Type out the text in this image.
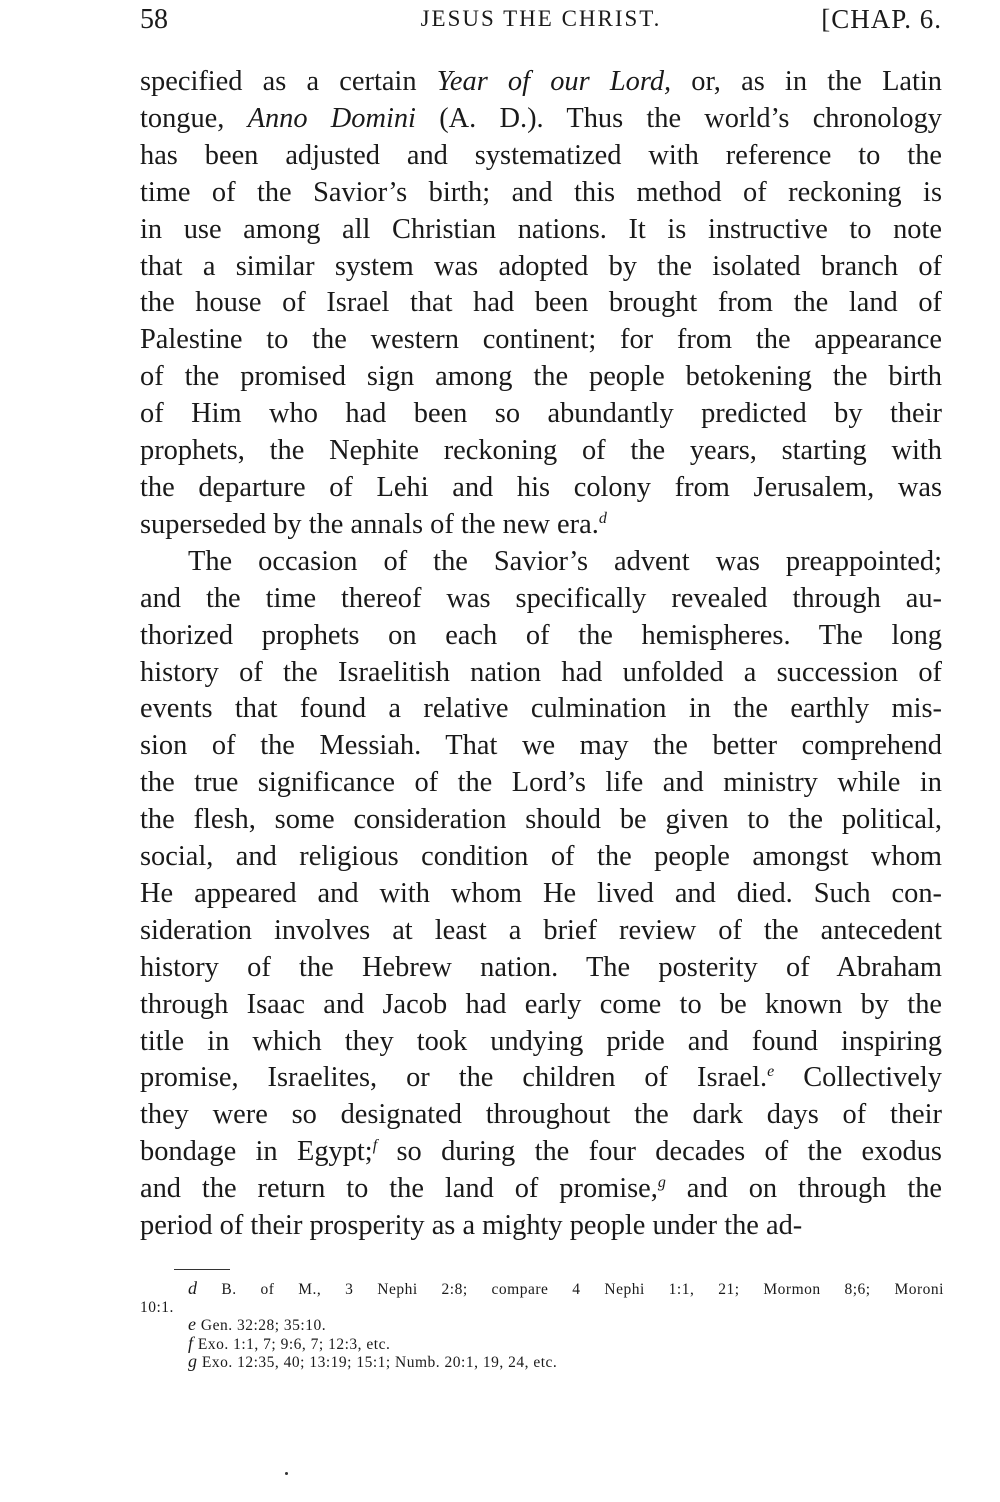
58	JESUS THE CHRIST.	[CHAP. 6.

specified as a certain Year of our Lord, or, as in the Latin

tongue, Anno Domini (A. D.). Thus the world’s chronology

has been adjusted and systematized with reference to the

time of the Savior’s birth; and this method of reckoning is

in use among all Christian nations. It is instructive to note

that a similar system was adopted by the isolated branch of

the house of Israel that had been brought from the land of

Palestine to the western continent; for from the appearance

of the promised sign among the people betokening the birth

of Him who had been so abundantly predicted by their

prophets, the Nephite reckoning of the years, starting with

the departure of Lehi and his colony from Jerusalem, was

superseded by the annals of the new era.$^d$

The occasion of the Savior’s advent was preappointed;

and the time thereof was specifically revealed through au-

thorized prophets on each of the hemispheres. The long

history of the Israelitish nation had unfolded a succession of

events that found a relative culmination in the earthly mis-

sion of the Messiah. That we may the better comprehend

the true significance of the Lord’s life and ministry while in

the flesh, some consideration should be given to the political,

social, and religious condition of the people amongst whom

He appeared and with whom He lived and died. Such con-

sideration involves at least a brief review of the antecedent

history of the Hebrew nation. The posterity of Abraham

through Isaac and Jacob had early come to be known by the

title in which they took undying pride and found inspiring

promise, Israelites, or the children of Israel.$^e$ Collectively

they were so designated throughout the dark days of their

bondage in Egypt;$^f$ so during the four decades of the exodus

and the return to the land of promise,$^g$ and on through the

period of their prosperity as a mighty people under the ad-

d B. of M., 3 Nephi 2:8; compare 4 Nephi 1:1, 21; Mormon 8;6; Moroni
10:1.
e Gen. 32:28; 35:10.
f Exo. 1:1, 7; 9:6, 7; 12:3, etc.
g Exo. 12:35, 40; 13:19; 15:1; Numb. 20:1, 19, 24, etc.
